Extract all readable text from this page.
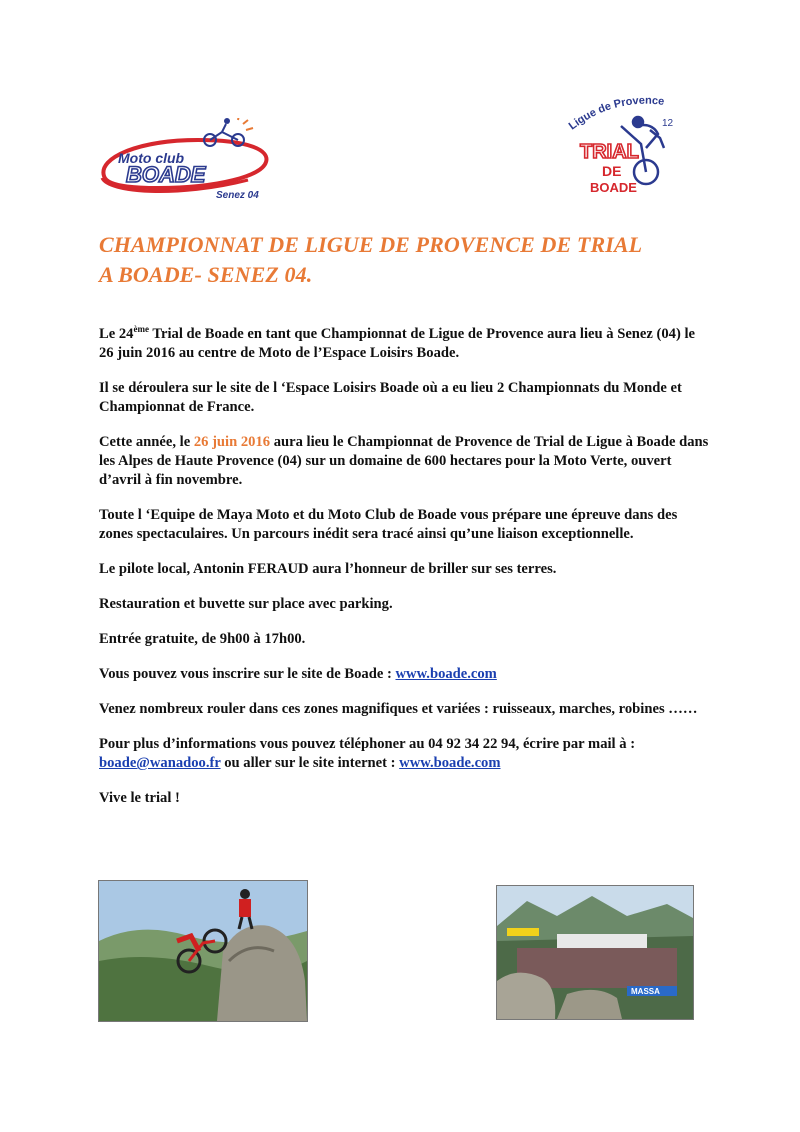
Moto club
BOADE
Senez 04
Ligue de Provence
12
TRIAL
DE
BOADE
CHAMPIONNAT DE LIGUE DE PROVENCE DE TRIAL
A BOADE- SENEZ 04.

Le 24ème Trial de Boade en tant que Championnat de Ligue de Provence aura lieu à Senez (04) le 26 juin 2016 au centre de Moto de l’Espace Loisirs Boade.

Il se déroulera sur le site de l ‘Espace Loisirs Boade où a eu lieu 2 Championnats du Monde et Championnat de France.

Cette année, le 26 juin 2016 aura lieu le Championnat de Provence de Trial de Ligue à Boade dans les Alpes de Haute Provence (04) sur un domaine de 600 hectares pour la Moto Verte, ouvert d’avril à fin novembre.

Toute l ‘Equipe de Maya Moto et du Moto Club de Boade vous prépare une épreuve dans des zones spectaculaires. Un parcours inédit sera tracé ainsi qu’une liaison exceptionnelle.

Le pilote local, Antonin FERAUD aura l’honneur de briller sur ses terres.

Restauration et buvette sur place avec parking.

Entrée gratuite, de 9h00 à 17h00.

Vous pouvez vous inscrire sur le site de Boade : www.boade.com

Venez nombreux rouler dans ces zones magnifiques et variées : ruisseaux, marches, robines ……

Pour plus d’informations vous pouvez téléphoner au 04 92 34 22 94, écrire par mail à : boade@wanadoo.fr ou aller sur le site internet : www.boade.com

Vive le trial !

MASSA
